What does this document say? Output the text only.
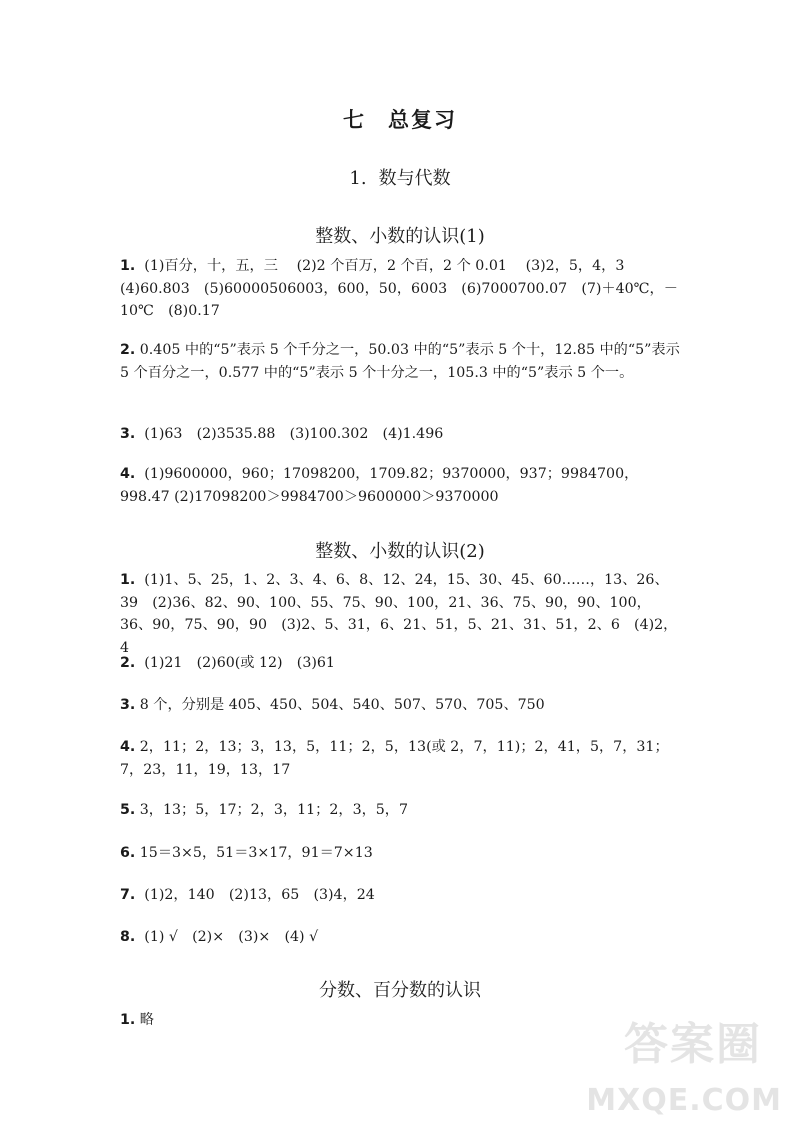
七 总复习
1. 数与代数
整数、小数的认识(1)
1.  (1)百分，十，五，三　 (2)2 个百万，2 个百，2 个 0.01　 (3)2，5，4，3 (4)60.803　(5)60000506003，600，50，6003　(6)7000700.07　(7)＋40℃，－10℃　(8)0.17
2. 0.405 中的“5”表示 5 个千分之一，50.03 中的“5”表示 5 个十，12.85 中的“5”表示 5 个百分之一，0.577 中的“5”表示 5 个十分之一，105.3 中的“5”表示 5 个一。
3.  (1)63　(2)3535.88　(3)100.302　(4)1.496
4.  (1)9600000，960；17098200，1709.82；9370000，937；9984700，998.47 (2)17098200＞9984700＞9600000＞9370000
整数、小数的认识(2)
1.  (1)1、5、25，1、2、3、4、6、8、12、24，15、30、45、60……，13、26、39　(2)36、82、90、100、55、75、90、100，21、36、75、90，90、100，36、90，75、90，90　(3)2、5、31，6、21、51，5、21、31、51，2、6　(4)2，4
2.  (1)21　(2)60(或 12)　(3)61
3. 8 个，分别是 405、450、504、540、507、570、705、750
4. 2，11；2，13；3，13，5，11；2，5，13(或 2，7，11)；2，41，5，7，31；7，23，11，19，13，17
5. 3，13；5，17；2，3，11；2，3，5，7
6. 15＝3×5，51＝3×17，91＝7×13
7.  (1)2，140　(2)13，65　(3)4，24
8.  (1) √　(2)×　(3)×　(4) √
分数、百分数的认识
1. 略	答案圈
MXQE.COM
